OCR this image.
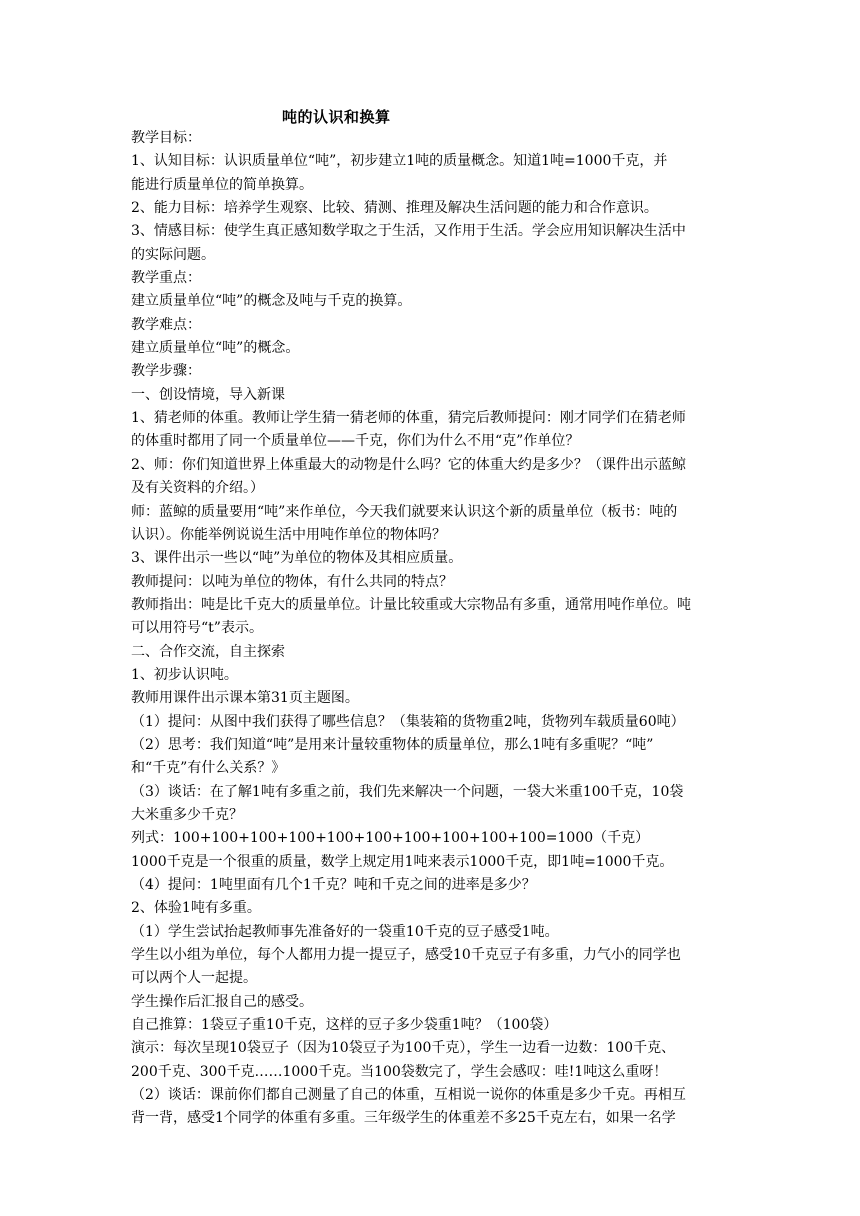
吨的认识和换算
教学目标：
1、认知目标：认识质量单位“吨”，初步建立1吨的质量概念。知道1吨=1000千克，并
能进行质量单位的简单换算。
2、能力目标：培养学生观察、比较、猜测、推理及解决生活问题的能力和合作意识。
3、情感目标：使学生真正感知数学取之于生活，又作用于生活。学会应用知识解决生活中
的实际问题。
教学重点：
建立质量单位“吨”的概念及吨与千克的换算。
教学难点：
建立质量单位“吨”的概念。
教学步骤：
一、创设情境，导入新课
1、猜老师的体重。教师让学生猜一猜老师的体重，猜完后教师提问：刚才同学们在猜老师
的体重时都用了同一个质量单位——千克，你们为什么不用“克”作单位？
2、师：你们知道世界上体重最大的动物是什么吗？它的体重大约是多少？（课件出示蓝鲸
及有关资料的介绍。）
师：蓝鲸的质量要用“吨”来作单位，今天我们就要来认识这个新的质量单位（板书：吨的
认识）。你能举例说说生活中用吨作单位的物体吗？
3、课件出示一些以“吨”为单位的物体及其相应质量。
教师提问：以吨为单位的物体，有什么共同的特点？
教师指出：吨是比千克大的质量单位。计量比较重或大宗物品有多重，通常用吨作单位。吨
可以用符号“t”表示。
二、合作交流，自主探索
1、初步认识吨。
教师用课件出示课本第31页主题图。
（1）提问：从图中我们获得了哪些信息？（集装箱的货物重2吨，货物列车载质量60吨）
（2）思考：我们知道“吨”是用来计量较重物体的质量单位，那么1吨有多重呢？“吨”
和“千克”有什么关系？》
（3）谈话：在了解1吨有多重之前，我们先来解决一个问题，一袋大米重100千克，10袋
大米重多少千克？
列式：100+100+100+100+100+100+100+100+100+100=1000（千克）
1000千克是一个很重的质量，数学上规定用1吨来表示1000千克，即1吨=1000千克。
（4）提问：1吨里面有几个1千克？吨和千克之间的进率是多少？
2、体验1吨有多重。
（1）学生尝试抬起教师事先准备好的一袋重10千克的豆子感受1吨。
学生以小组为单位，每个人都用力提一提豆子，感受10千克豆子有多重，力气小的同学也
可以两个人一起提。
学生操作后汇报自己的感受。
自己推算：1袋豆子重10千克，这样的豆子多少袋重1吨？（100袋）
演示：每次呈现10袋豆子（因为10袋豆子为100千克），学生一边看一边数：100千克、
200千克、300千克……1000千克。当100袋数完了，学生会感叹：哇!1吨这么重呀！
（2）谈话：课前你们都自己测量了自己的体重，互相说一说你的体重是多少千克。再相互
背一背，感受1个同学的体重有多重。三年级学生的体重差不多25千克左右，如果一名学
